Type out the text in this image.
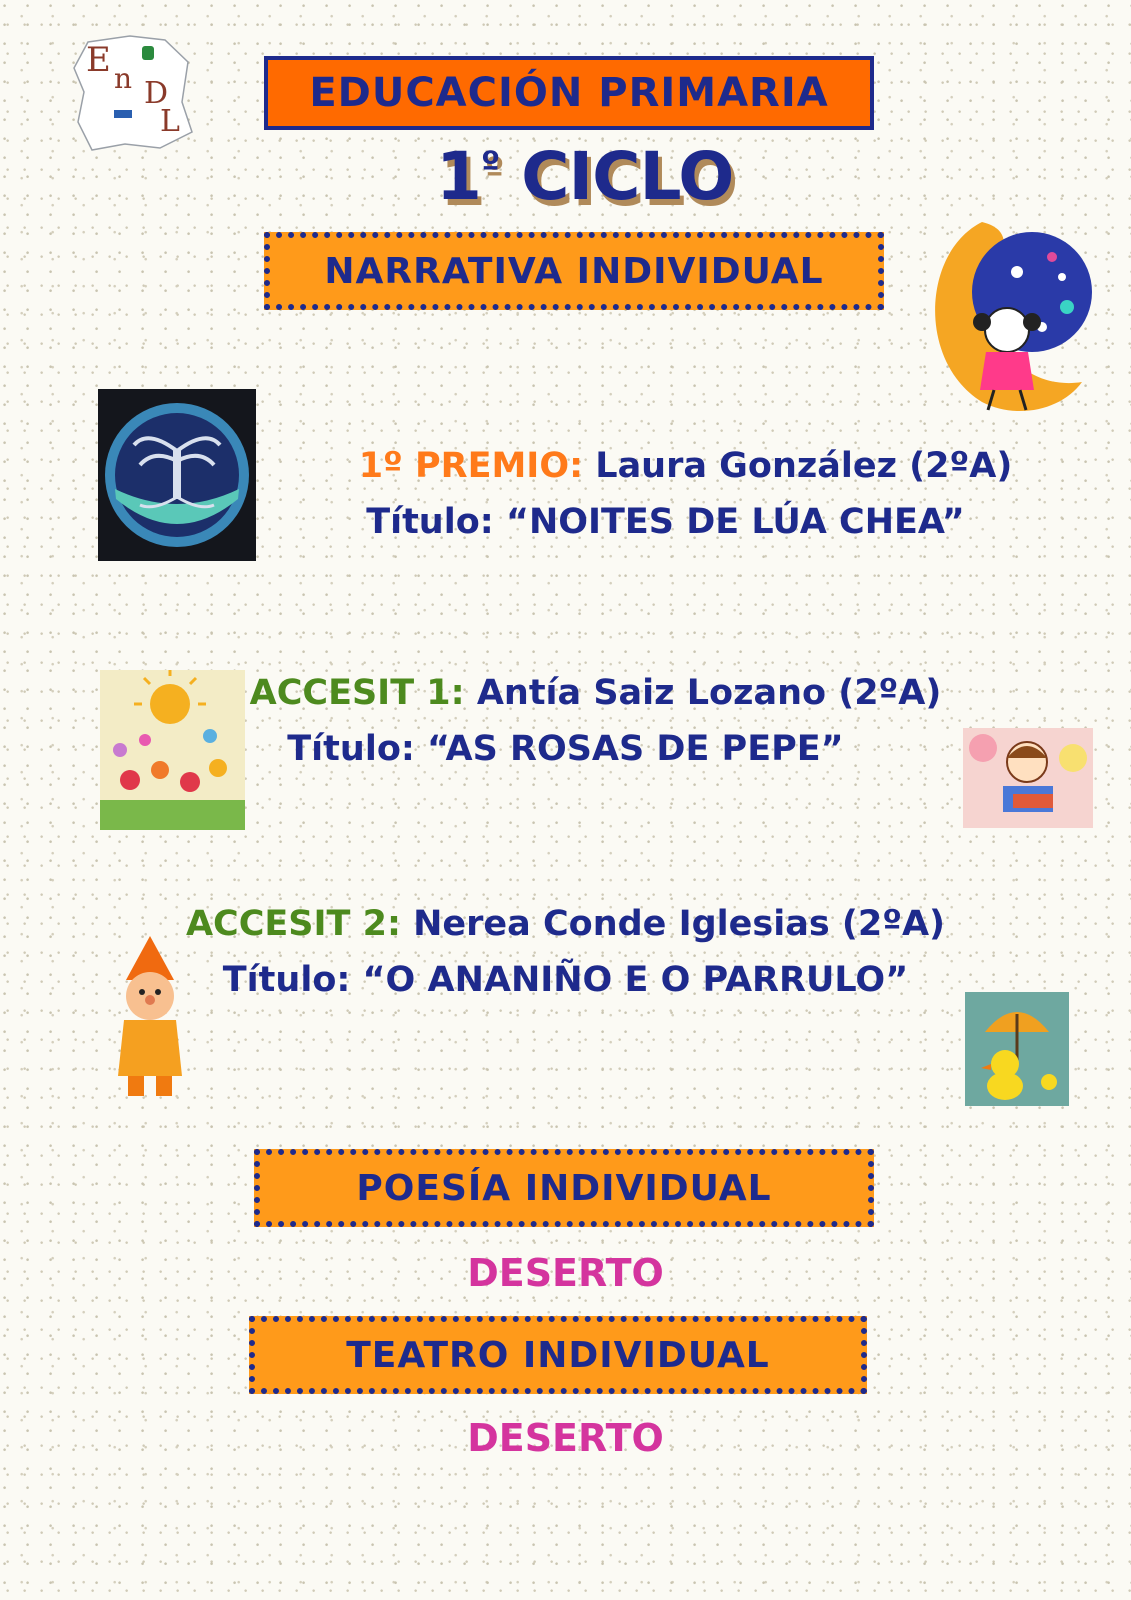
E n D
L
EDUCACIÓN PRIMARIA
$1^º$ CICLO
NARRATIVA INDIVIDUAL
1º PREMIO: Laura González (2ºA)
Título: “NOITES DE LÚA CHEA”
ACCESIT 1: Antía Saiz Lozano (2ºA)
Título: “AS ROSAS DE PEPE”
ACCESIT 2: Nerea Conde Iglesias (2ºA)
Título: “O ANANIÑO E O PARRULO”
POESÍA INDIVIDUAL
DESERTO
TEATRO INDIVIDUAL
DESERTO
